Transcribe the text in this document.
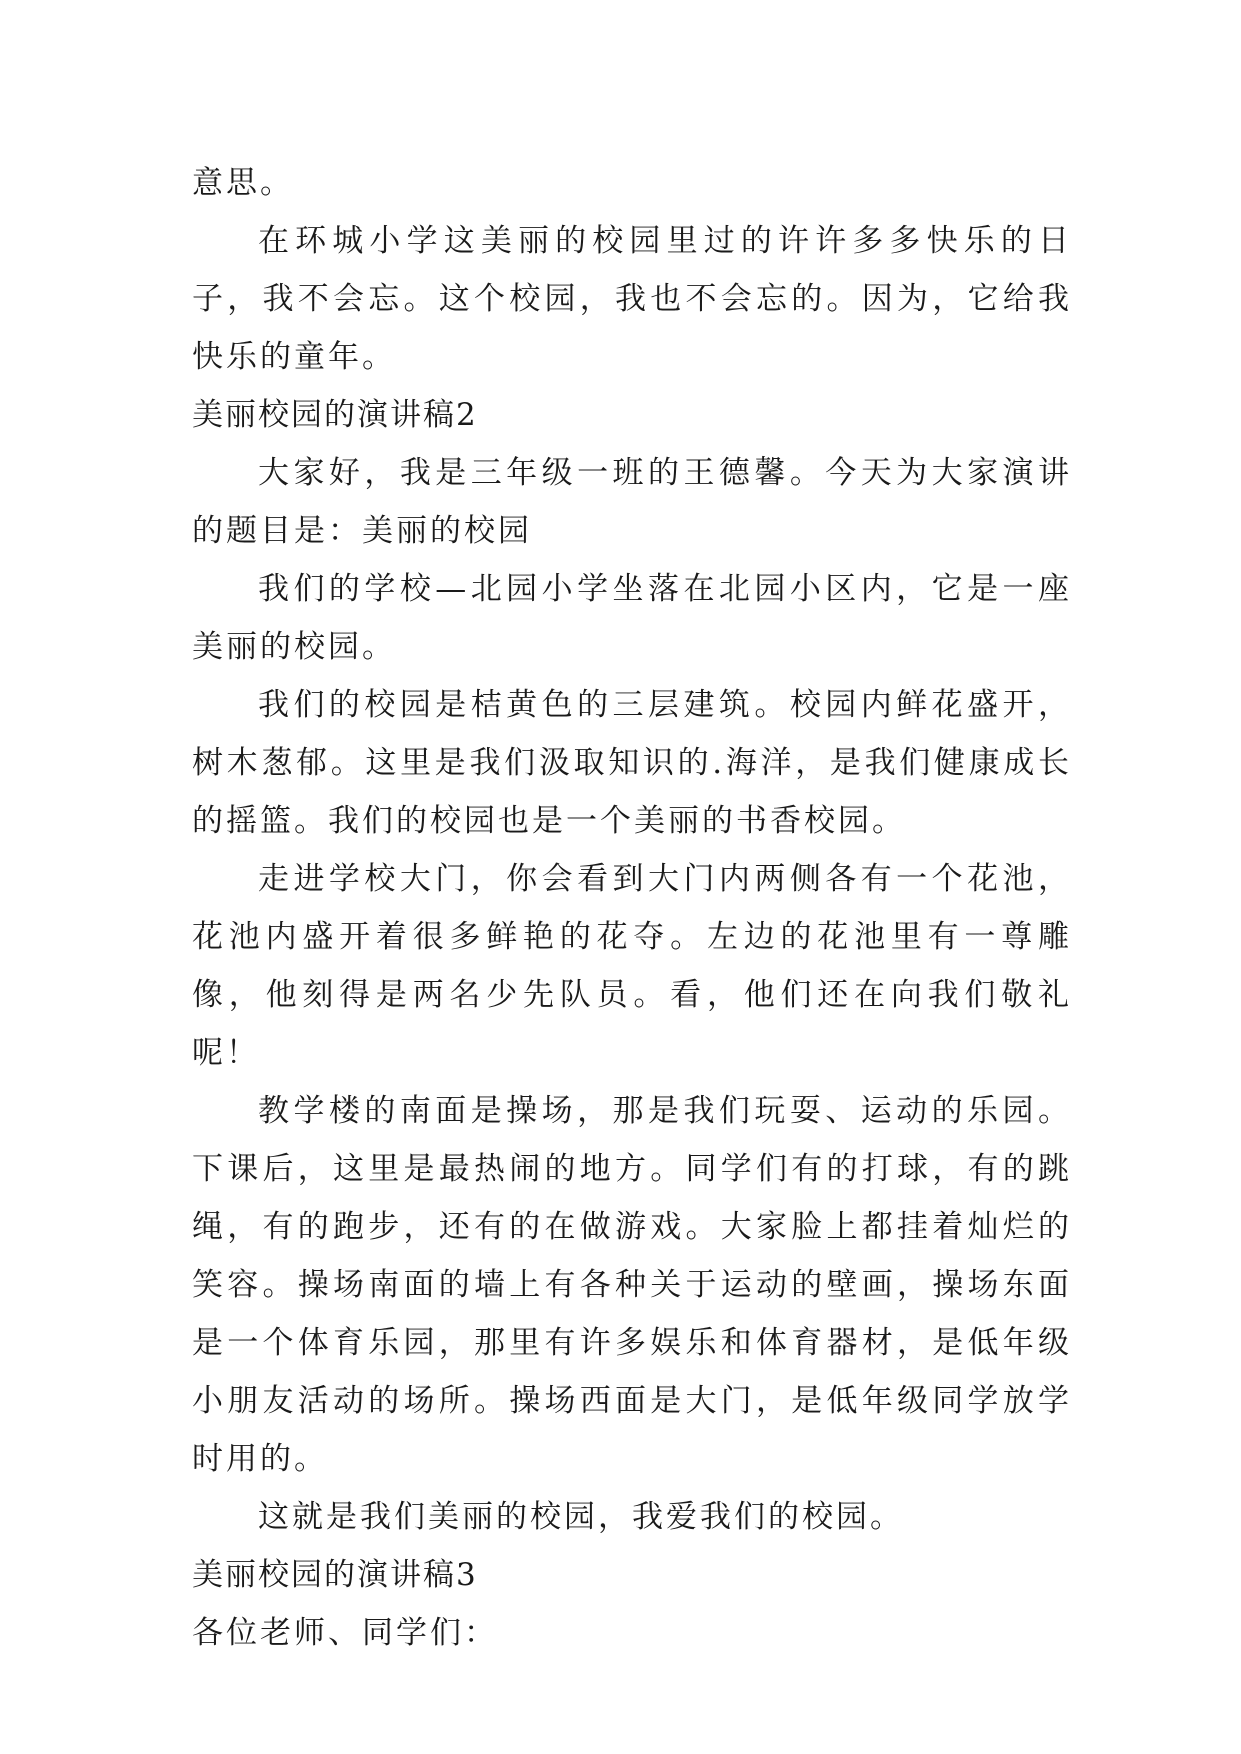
意思。

在环城小学这美丽的校园里过的许许多多快乐的日子，我不会忘。这个校园，我也不会忘的。因为，它给我快乐的童年。

美丽校园的演讲稿2

大家好，我是三年级一班的王德馨。今天为大家演讲的题目是：美丽的校园

我们的学校—北园小学坐落在北园小区内，它是一座美丽的校园。

我们的校园是桔黄色的三层建筑。校园内鲜花盛开，树木葱郁。这里是我们汲取知识的.海洋，是我们健康成长的摇篮。我们的校园也是一个美丽的书香校园。

走进学校大门，你会看到大门内两侧各有一个花池，花池内盛开着很多鲜艳的花夺。左边的花池里有一尊雕像，他刻得是两名少先队员。看，他们还在向我们敬礼呢！

教学楼的南面是操场，那是我们玩耍、运动的乐园。下课后，这里是最热闹的地方。同学们有的打球，有的跳绳，有的跑步，还有的在做游戏。大家脸上都挂着灿烂的笑容。操场南面的墙上有各种关于运动的壁画，操场东面是一个体育乐园，那里有许多娱乐和体育器材，是低年级小朋友活动的场所。操场西面是大门，是低年级同学放学时用的。

这就是我们美丽的校园，我爱我们的校园。

美丽校园的演讲稿3

各位老师、同学们：
